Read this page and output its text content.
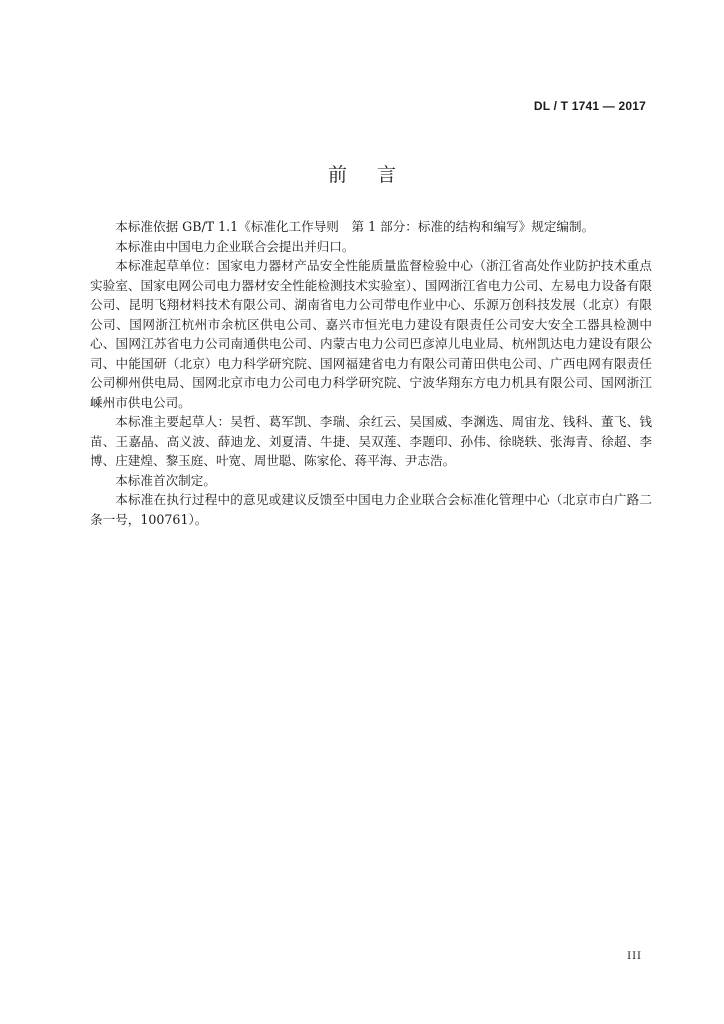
DL / T 1741 — 2017
前言

本标准依据 GB/T 1.1《标准化工作导则　第 1 部分：标准的结构和编写》规定编制。

本标准由中国电力企业联合会提出并归口。

本标准起草单位：国家电力器材产品安全性能质量监督检验中心（浙江省高处作业防护技术重点实验室、国家电网公司电力器材安全性能检测技术实验室）、国网浙江省电力公司、左易电力设备有限公司、昆明飞翔材料技术有限公司、湖南省电力公司带电作业中心、乐源万创科技发展（北京）有限公司、国网浙江杭州市余杭区供电公司、嘉兴市恒光电力建设有限责任公司安大安全工器具检测中心、国网江苏省电力公司南通供电公司、内蒙古电力公司巴彦淖儿电业局、杭州凯达电力建设有限公司、中能国研（北京）电力科学研究院、国网福建省电力有限公司莆田供电公司、广西电网有限责任公司柳州供电局、国网北京市电力公司电力科学研究院、宁波华翔东方电力机具有限公司、国网浙江嵊州市供电公司。

本标准主要起草人：吴哲、葛军凯、李瑞、余红云、吴国威、李渊选、周宙龙、钱科、董飞、钱苗、王嘉晶、高义波、薛迪龙、刘夏清、牛捷、吴双莲、李题印、孙伟、徐晓轶、张海青、徐超、李博、庄建煌、黎玉庭、叶宽、周世聪、陈家伦、蒋平海、尹志浩。

本标准首次制定。

本标准在执行过程中的意见或建议反馈至中国电力企业联合会标准化管理中心（北京市白广路二条一号，100761）。

III
